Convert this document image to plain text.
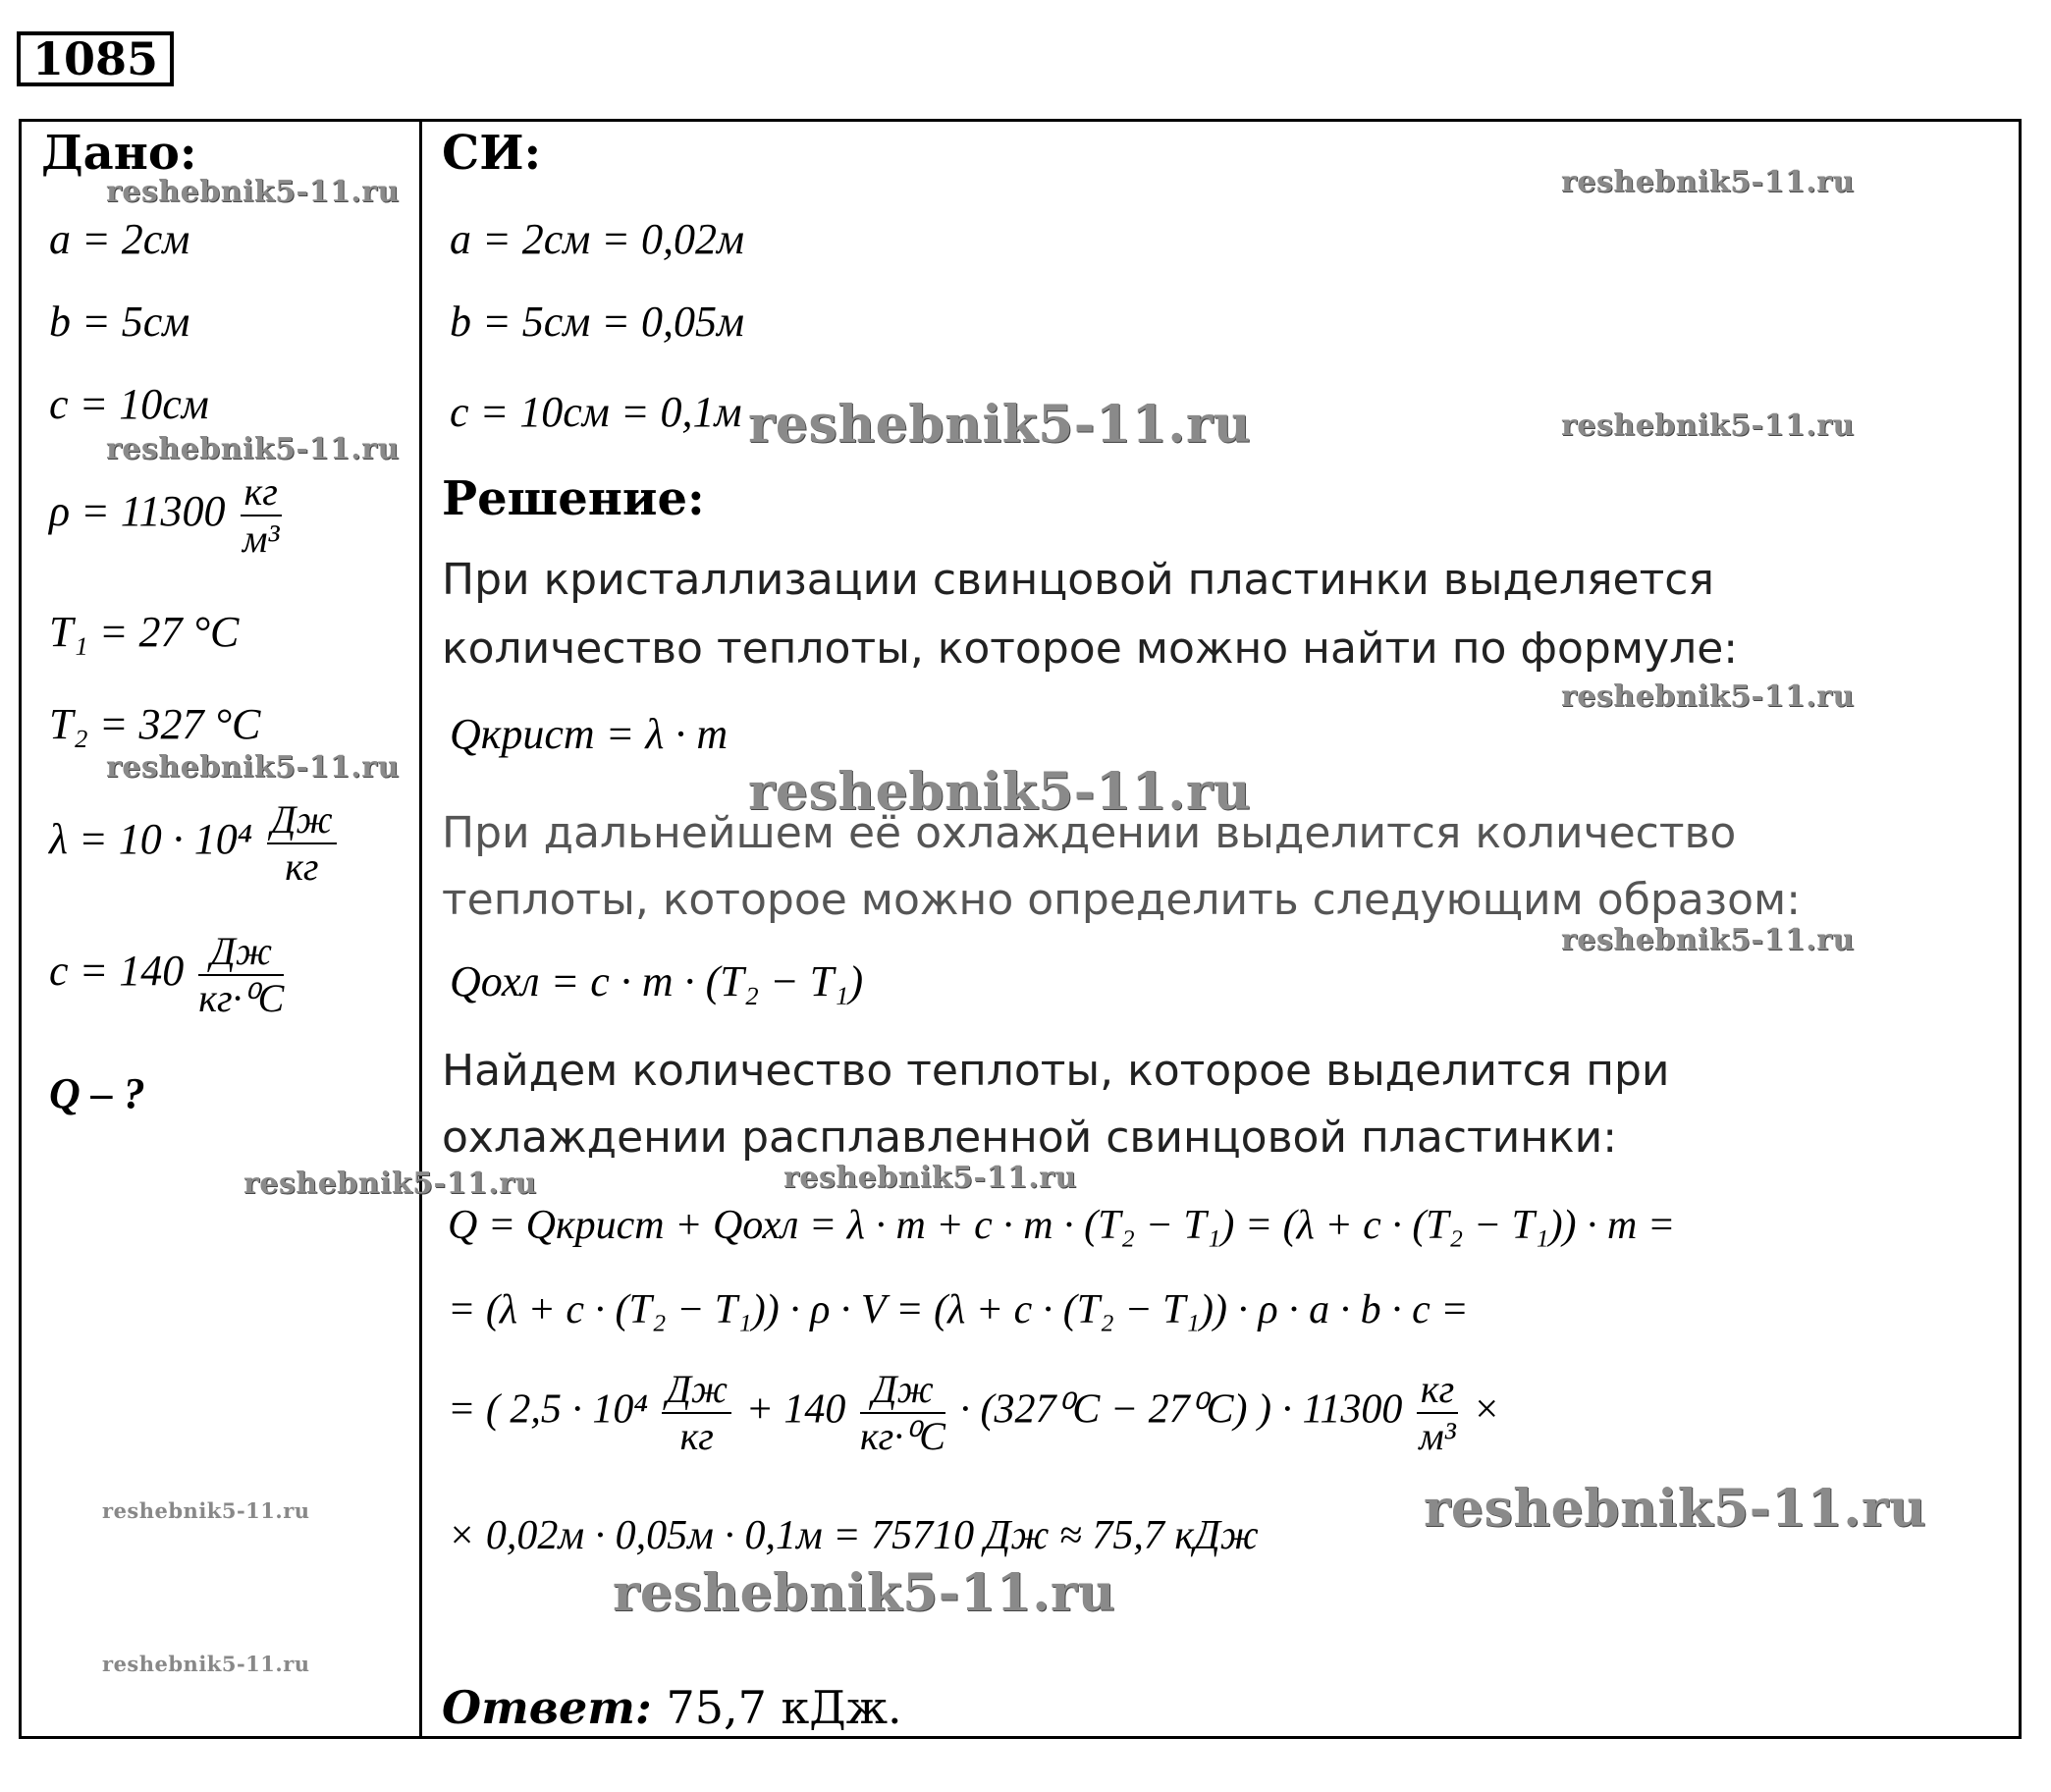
1085
Дано:
a = 2см
b = 5см
c = 10см
$\rho = 11300 \frac{кг}{\text{м³}}$
T₁ = 27 °C
T₂ = 327 °C
$\lambda = 10 \cdot 10^4 \frac{Дж}{кг}$
$c = 140 \frac{Дж}{\text{кг·⁰C}}$
Q – ?
СИ:
a = 2см = 0,02м
b = 5см = 0,05м
c = 10см = 0,1м
Решение:
При кристаллизации свинцовой пластинки выделяется
количество теплоты, которое можно найти по формуле:
Qкрист = λ · m
При дальнейшем её охлаждении выделится количество
теплоты, которое можно определить следующим образом:
Qохл = c · m · (T₂ − T₁)
Найдем количество теплоты, которое выделится при
охлаждении расплавленной свинцовой пластинки:
Q = Qкрист + Qохл = λ · m + c · m · (T₂ − T₁) = (λ + c · (T₂ − T₁)) · m =
= (λ + c · (T₂ − T₁)) · ρ · V = (λ + c · (T₂ − T₁)) · ρ · a · b · c =
= ( $2,5 \cdot 10^4 \frac{Дж}{кг} + 140 \frac{Дж}{\text{кг·⁰C}} \cdot (327^0C - 27^0C)$ ) · $11300 \frac{кг}{\text{м³}}$ ×
× 0,02м · 0,05м · 0,1м = 75710 Дж ≈ 75,7 кДж
Ответ: 75,7 кДж.
reshebnik5-11.ru
reshebnik5-11.ru
reshebnik5-11.ru
reshebnik5-11.ru	reshebnik5-11.ru
reshebnik5-11.ru
reshebnik5-11.ru
reshebnik5-11.ru
reshebnik5-11.ru
reshebnik5-11.ru
reshebnik5-11.ru
reshebnik5-11.ru
reshebnik5-11.ru
reshebnik5-11.ru
reshebnik5-11.ru
